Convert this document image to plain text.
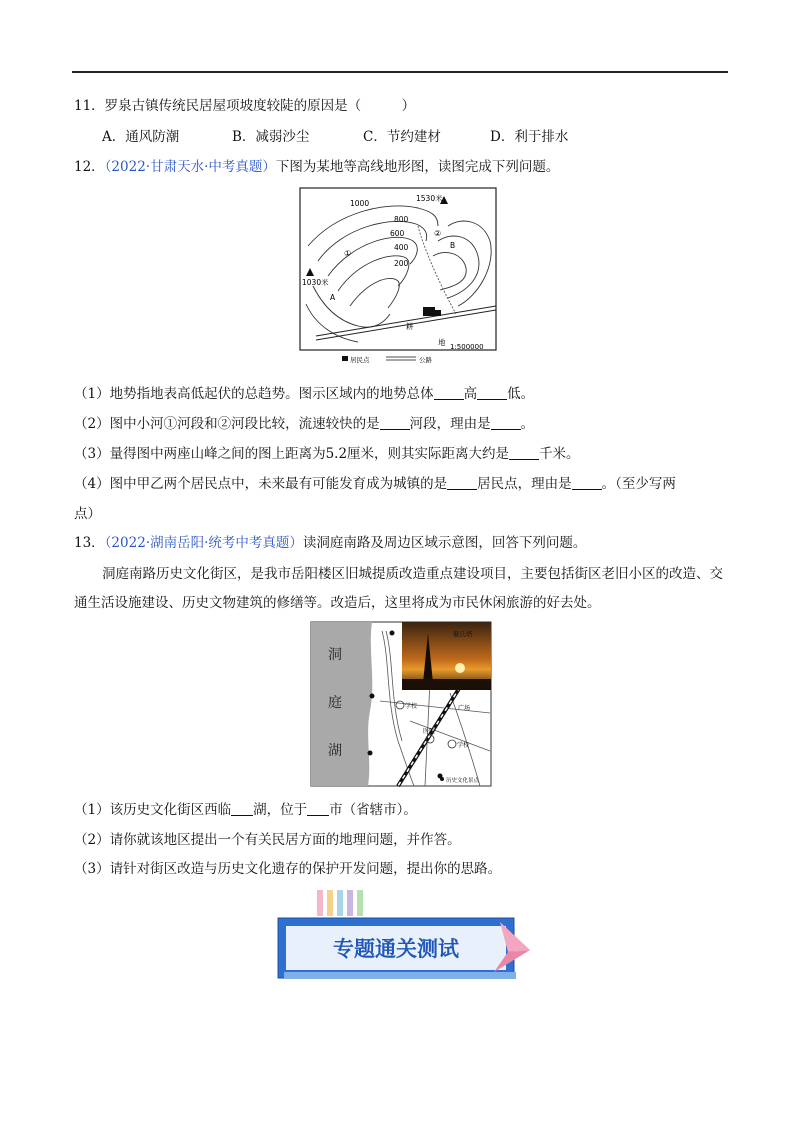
11．罗泉古镇传统民居屋项坡度较陡的原因是（　　　）
A．通风防潮	B．减弱沙尘	C．节约建材	D．利于排水
12．（2022·甘肃天水·中考真题）下图为某地等高线地形图，读图完成下列问题。
1530米
1030米
1000
800
600
400
200
①
②
A
B
耕
地 1:500000
居民点	公路
（1）地势指地表高低起伏的总趋势。图示区域内的地势总体 高 低。
（2）图中小河①河段和②河段比较，流速较快的是 河段，理由是 。
（3）量得图中两座山峰之间的图上距离为5.2厘米，则其实际距离大约是 千米。
（4）图中甲乙两个居民点中，未来最有可能发育成为城镇的是 居民点，理由是 。（至少写两
点）
13．（2022·湖南岳阳·统考中考真题）读洞庭南路及周边区域示意图，回答下列问题。
洞庭南路历史文化街区，是我市岳阳楼区旧城提质改造重点建设项目，主要包括街区老旧小区的改造、交通生活设施建设、历史文物建筑的修缮等。改造后，这里将成为市民休闲旅游的好去处。
洞
庭
湖
学校
学校
医院
广场
慈氏塔
历史文化景点
（1）该历史文化街区西临 湖，位于 市（省辖市）。
（2）请你就该地区提出一个有关民居方面的地理问题，并作答。
（3）请针对街区改造与历史文化遗存的保护开发问题，提出你的思路。
专题通关测试
